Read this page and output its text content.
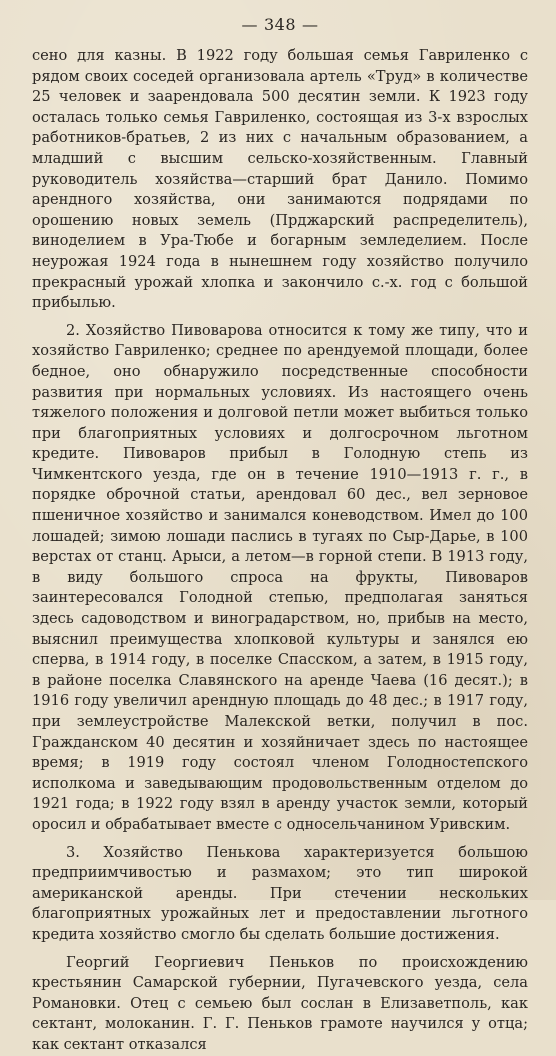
— 348 —

сено для казны. В 1922 году большая семья Гавриленко с рядом своих соседей организовала артель «Труд» в количестве 25 человек и заарендовала 500 десятин земли. К 1923 году осталась только семья Гавриленко, состоящая из 3-х взрослых работников-братьев, 2 из них с начальным образованием, а младший с высшим сельско-хозяйственным. Главный руководитель хозяйства—старший брат Данило. Помимо арендного хозяйства, они занимаются подрядами по орошению новых земель (Прджарский распределитель), виноделием в Ура-Тюбе и богарным земледелием. После неурожая 1924 года в нынешнем году хозяйство получило прекрасный урожай хлопка и закончило с.-х. год с большой прибылью.

2. Хозяйство Пивоварова относится к тому же типу, что и хозяйство Гавриленко; среднее по арендуемой площади, более бедное, оно обнаружило посредственные способности развития при нормальных условиях. Из настоящего очень тяжелого положения и долговой петли может выбиться только при благоприятных условиях и долгосрочном льготном кредите. Пивоваров прибыл в Голодную степь из Чимкентского уезда, где он в течение 1910—1913 г. г., в порядке оброчной статьи, арендовал 60 дес., вел зерновое пшеничное хозяйство и занимался коневодством. Имел до 100 лошадей; зимою лошади паслись в тугаях по Сыр-Дарье, в 100 верстах от станц. Арыси, а летом—в горной степи. В 1913 году, в виду большого спроса на фрукты, Пивоваров заинтересовался Голодной степью, предполагая заняться здесь садоводством и виноградарством, но, прибыв на место, выяснил преимущества хлопковой культуры и занялся ею сперва, в 1914 году, в поселке Спасском, а затем, в 1915 году, в районе поселка Славянского на аренде Чаева (16 десят.); в 1916 году увеличил арендную площадь до 48 дес.; в 1917 году, при землеустройстве Малекской ветки, получил в пос. Гражданском 40 десятин и хозяйничает здесь по настоящее время; в 1919 году состоял членом Голодностепского исполкома и заведывающим продовольственным отделом до 1921 года; в 1922 году взял в аренду участок земли, который оросил и обрабатывает вместе с односельчанином Уривским.

3. Хозяйство Пенькова характеризуется большою предприимчивостью и размахом; это тип широкой американской аренды. При стечении нескольких благоприятных урожайных лет и предоставлении льготного кредита хозяйство смогло бы сделать большие достижения.

Георгий Георгиевич Пеньков по происхождению крестьянин Самарской губернии, Пугачевского уезда, села Романовки. Отец с семьею был сослан в Елизаветполь, как сектант, молоканин. Г. Г. Пеньков грамоте научился у отца; как сектант отказался
